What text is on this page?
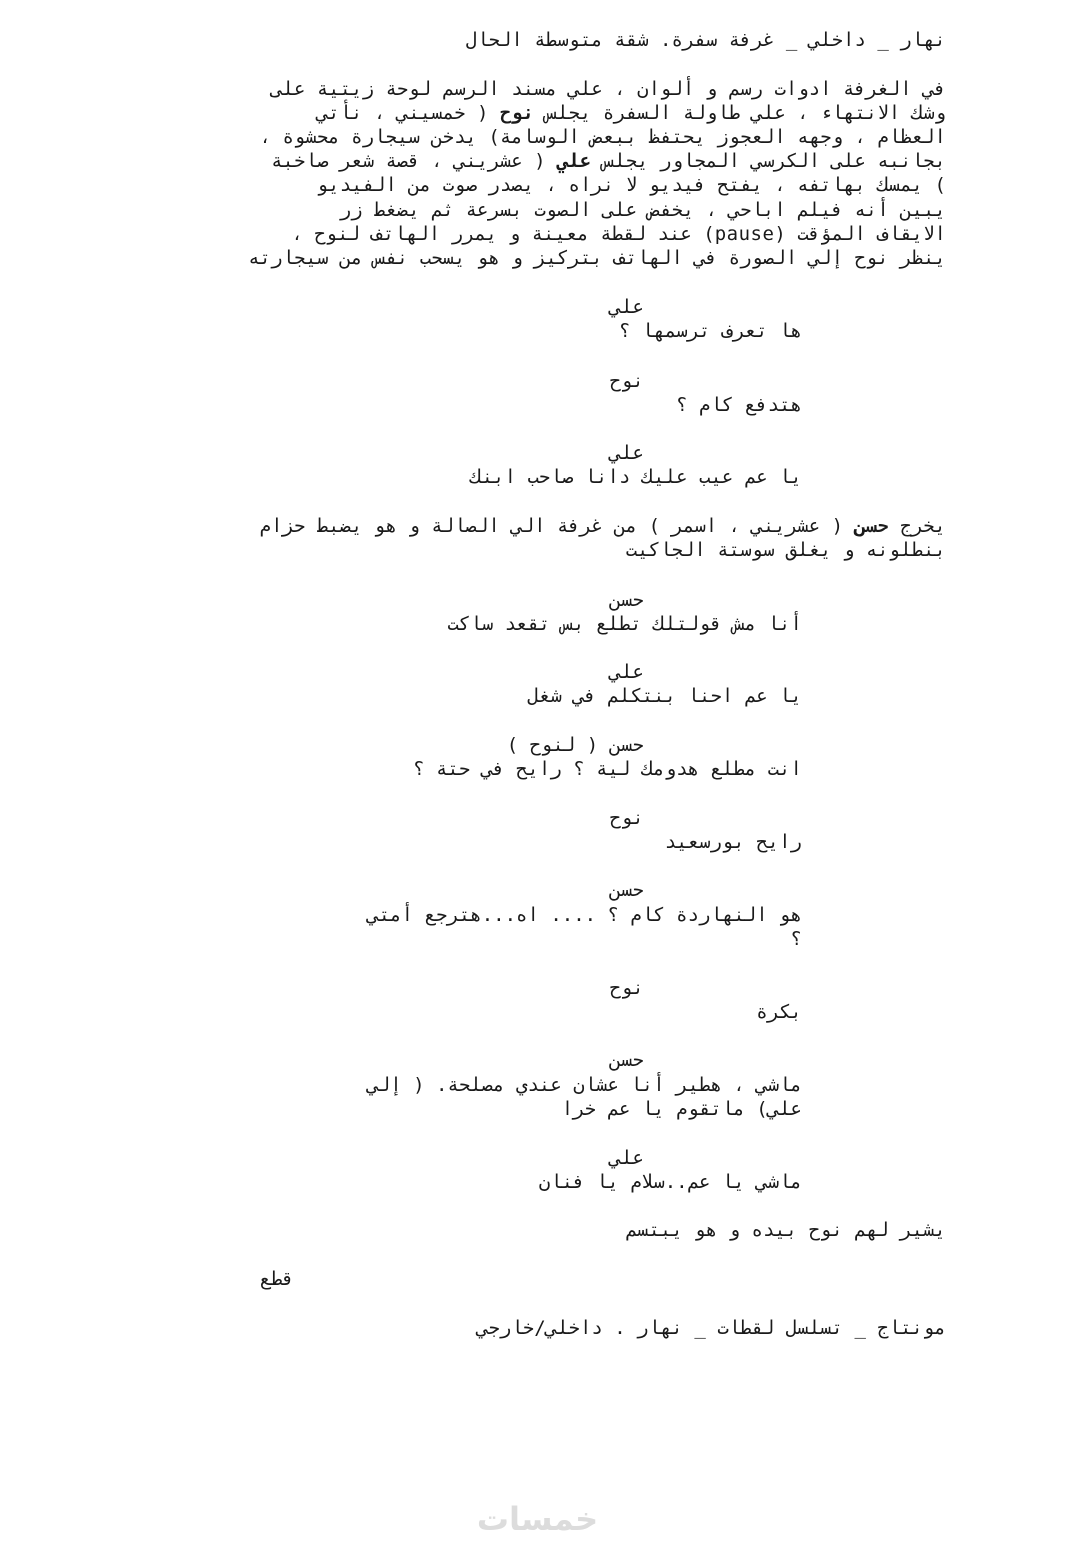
نهار _ داخلي _ غرفة سفرة. شقة متوسطة الحال

في الغرفة ادوات رسم و ألوان ، علي مسند الرسم لوحة زيتية على

وشك الانتهاء ، علي طاولة السفرة يجلس نوح ( خمسيني ، نأتي

العظام ، وجهه العجوز يحتفظ ببعض الوسامة) يدخن سيجارة محشوة ،

بجانبه على الكرسي المجاور يجلس علي ( عشريني ، قصة شعر صاخبة

) يمسك بهاتفه ، يفتح فيديو لا نراه ، يصدر صوت من الفيديو

يبين أنه فيلم اباحي ، يخفض على الصوت بسرعة ثم يضغط زر

الايقاف المؤقت (pause) عند لقطة معينة و يمرر الهاتف لنوح ،

ينظر نوح إلي الصورة في الهاتف بتركيز و هو يسحب نفس من سيجارته

علي

ها تعرف ترسمها ؟

نوح

هتدفع كام ؟

علي

يا عم عيب عليك دانا صاحب ابنك

يخرج حسن ( عشريني ، اسمر ) من غرفة الي الصالة و هو يضبط حزام

بنطلونه و يغلق سوستة الجاكيت

حسن

أنا مش قولتلك تطلع بس تقعد ساكت

علي

يا عم احنا بنتكلم في شغل

حسن ( لنوح )

انت مطلع هدومك لية ؟ رايح في حتة ؟

نوح

رايح بورسعيد

حسن

هو النهاردة كام ؟ .... اه...هترجع أمتي

؟

نوح

بكرة

حسن

ماشي ، هطير أنا عشان عندي مصلحة. ( إلي

علي) ماتقوم يا عم خرا

علي

ماشي يا عم..سلام يا فنان

يشير لهم نوح بيده و هو يبتسم

قطع

مونتاج _ تسلسل لقطات _ نهار . داخلي/خارجي

خمسات
